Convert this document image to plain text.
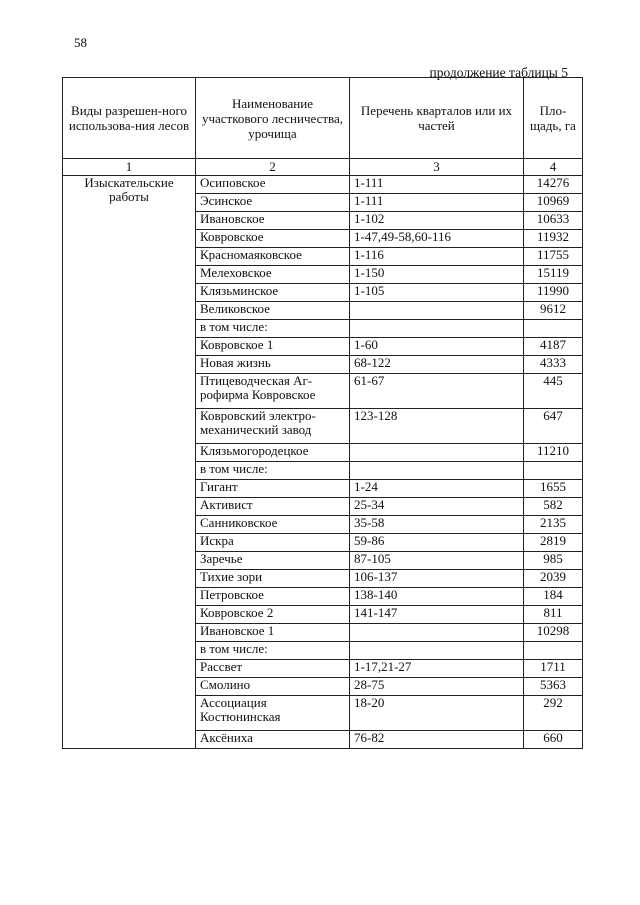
58
продолжение таблицы 5
Виды разрешен-ного использова-ния лесов	Наименование участкового лесничества, урочища	Перечень кварталов или их частей	Пло-щадь, га
1	2	3	4
Изыскательские работы	Осиповское	1-111	14276
	Эсинское	1-111	10969
	Ивановское	1-102	10633
	Ковровское	1-47,49-58,60-116	11932
	Красномаяковское	1-116	11755
	Мелеховское	1-150	15119
	Клязьминское	1-105	11990
	Великовское		9612
	в том числе:		
	Ковровское 1	1-60	4187
	Новая жизнь	68-122	4333
	Птицеводческая Аг-рофирма Ковровское	61-67	445
	Ковровский электро-механический завод	123-128	647
	Клязьмогородецкое		11210
	в том числе:		
	Гигант	1-24	1655
	Активист	25-34	582
	Санниковское	35-58	2135
	Искра	59-86	2819
	Заречье	87-105	985
	Тихие зори	106-137	2039
	Петровское	138-140	184
	Ковровское 2	141-147	811
	Ивановское 1		10298
	в том числе:		
	Рассвет	1-17,21-27	1711
	Смолино	28-75	5363
	Ассоциация Костюнинская	18-20	292
	Аксёниха	76-82	660
